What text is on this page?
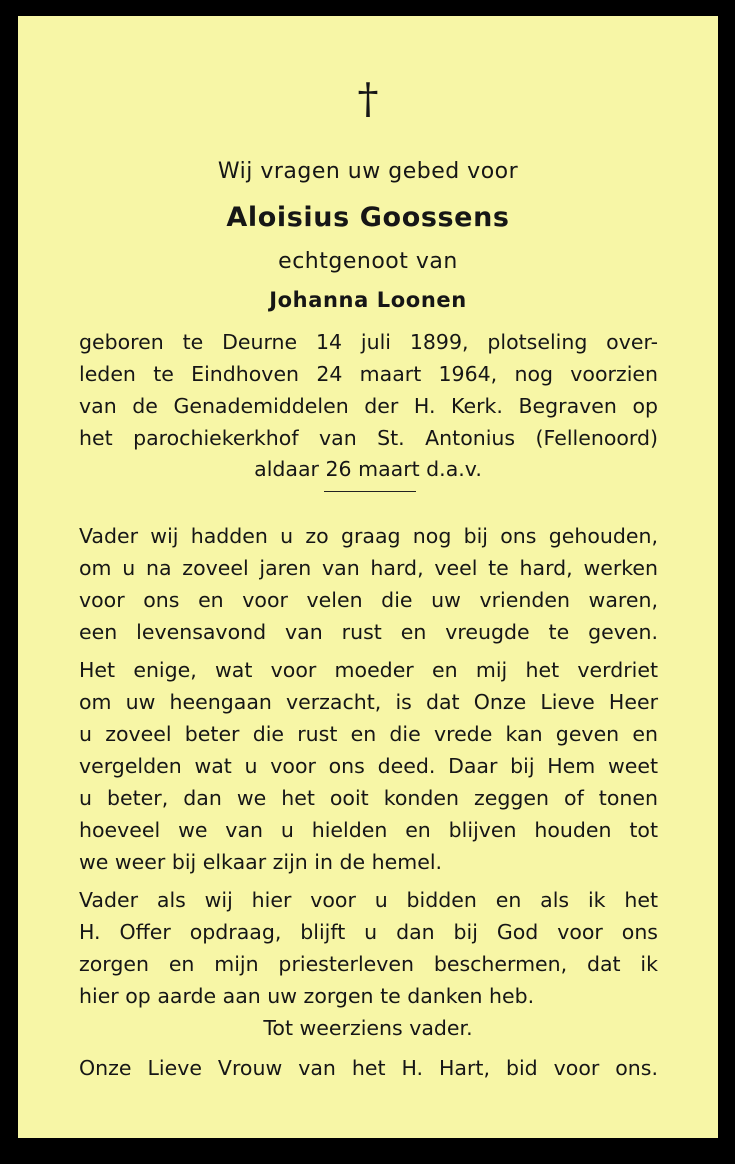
†
Wij vragen uw gebed voor
Aloisius Goossens
echtgenoot van
Johanna Loonen
geboren te Deurne 14 juli 1899, plotseling over-
leden te Eindhoven 24 maart 1964, nog voorzien
van de Genademiddelen der H. Kerk. Begraven op
het parochiekerkhof van St. Antonius (Fellenoord)
aldaar 26 maart d.a.v.
Vader wij hadden u zo graag nog bij ons gehouden,
om u na zoveel jaren van hard, veel te hard, werken
voor ons en voor velen die uw vrienden waren,
een levensavond van rust en vreugde te geven.
Het enige, wat voor moeder en mij het verdriet
om uw heengaan verzacht, is dat Onze Lieve Heer
u zoveel beter die rust en die vrede kan geven en
vergelden wat u voor ons deed. Daar bij Hem weet
u beter, dan we het ooit konden zeggen of tonen
hoeveel we van u hielden en blijven houden tot
we weer bij elkaar zijn in de hemel.
Vader als wij hier voor u bidden en als ik het
H. Offer opdraag, blijft u dan bij God voor ons
zorgen en mijn priesterleven beschermen, dat ik
hier op aarde aan uw zorgen te danken heb.
Tot weerziens vader.
Onze Lieve Vrouw van het H. Hart, bid voor ons.
